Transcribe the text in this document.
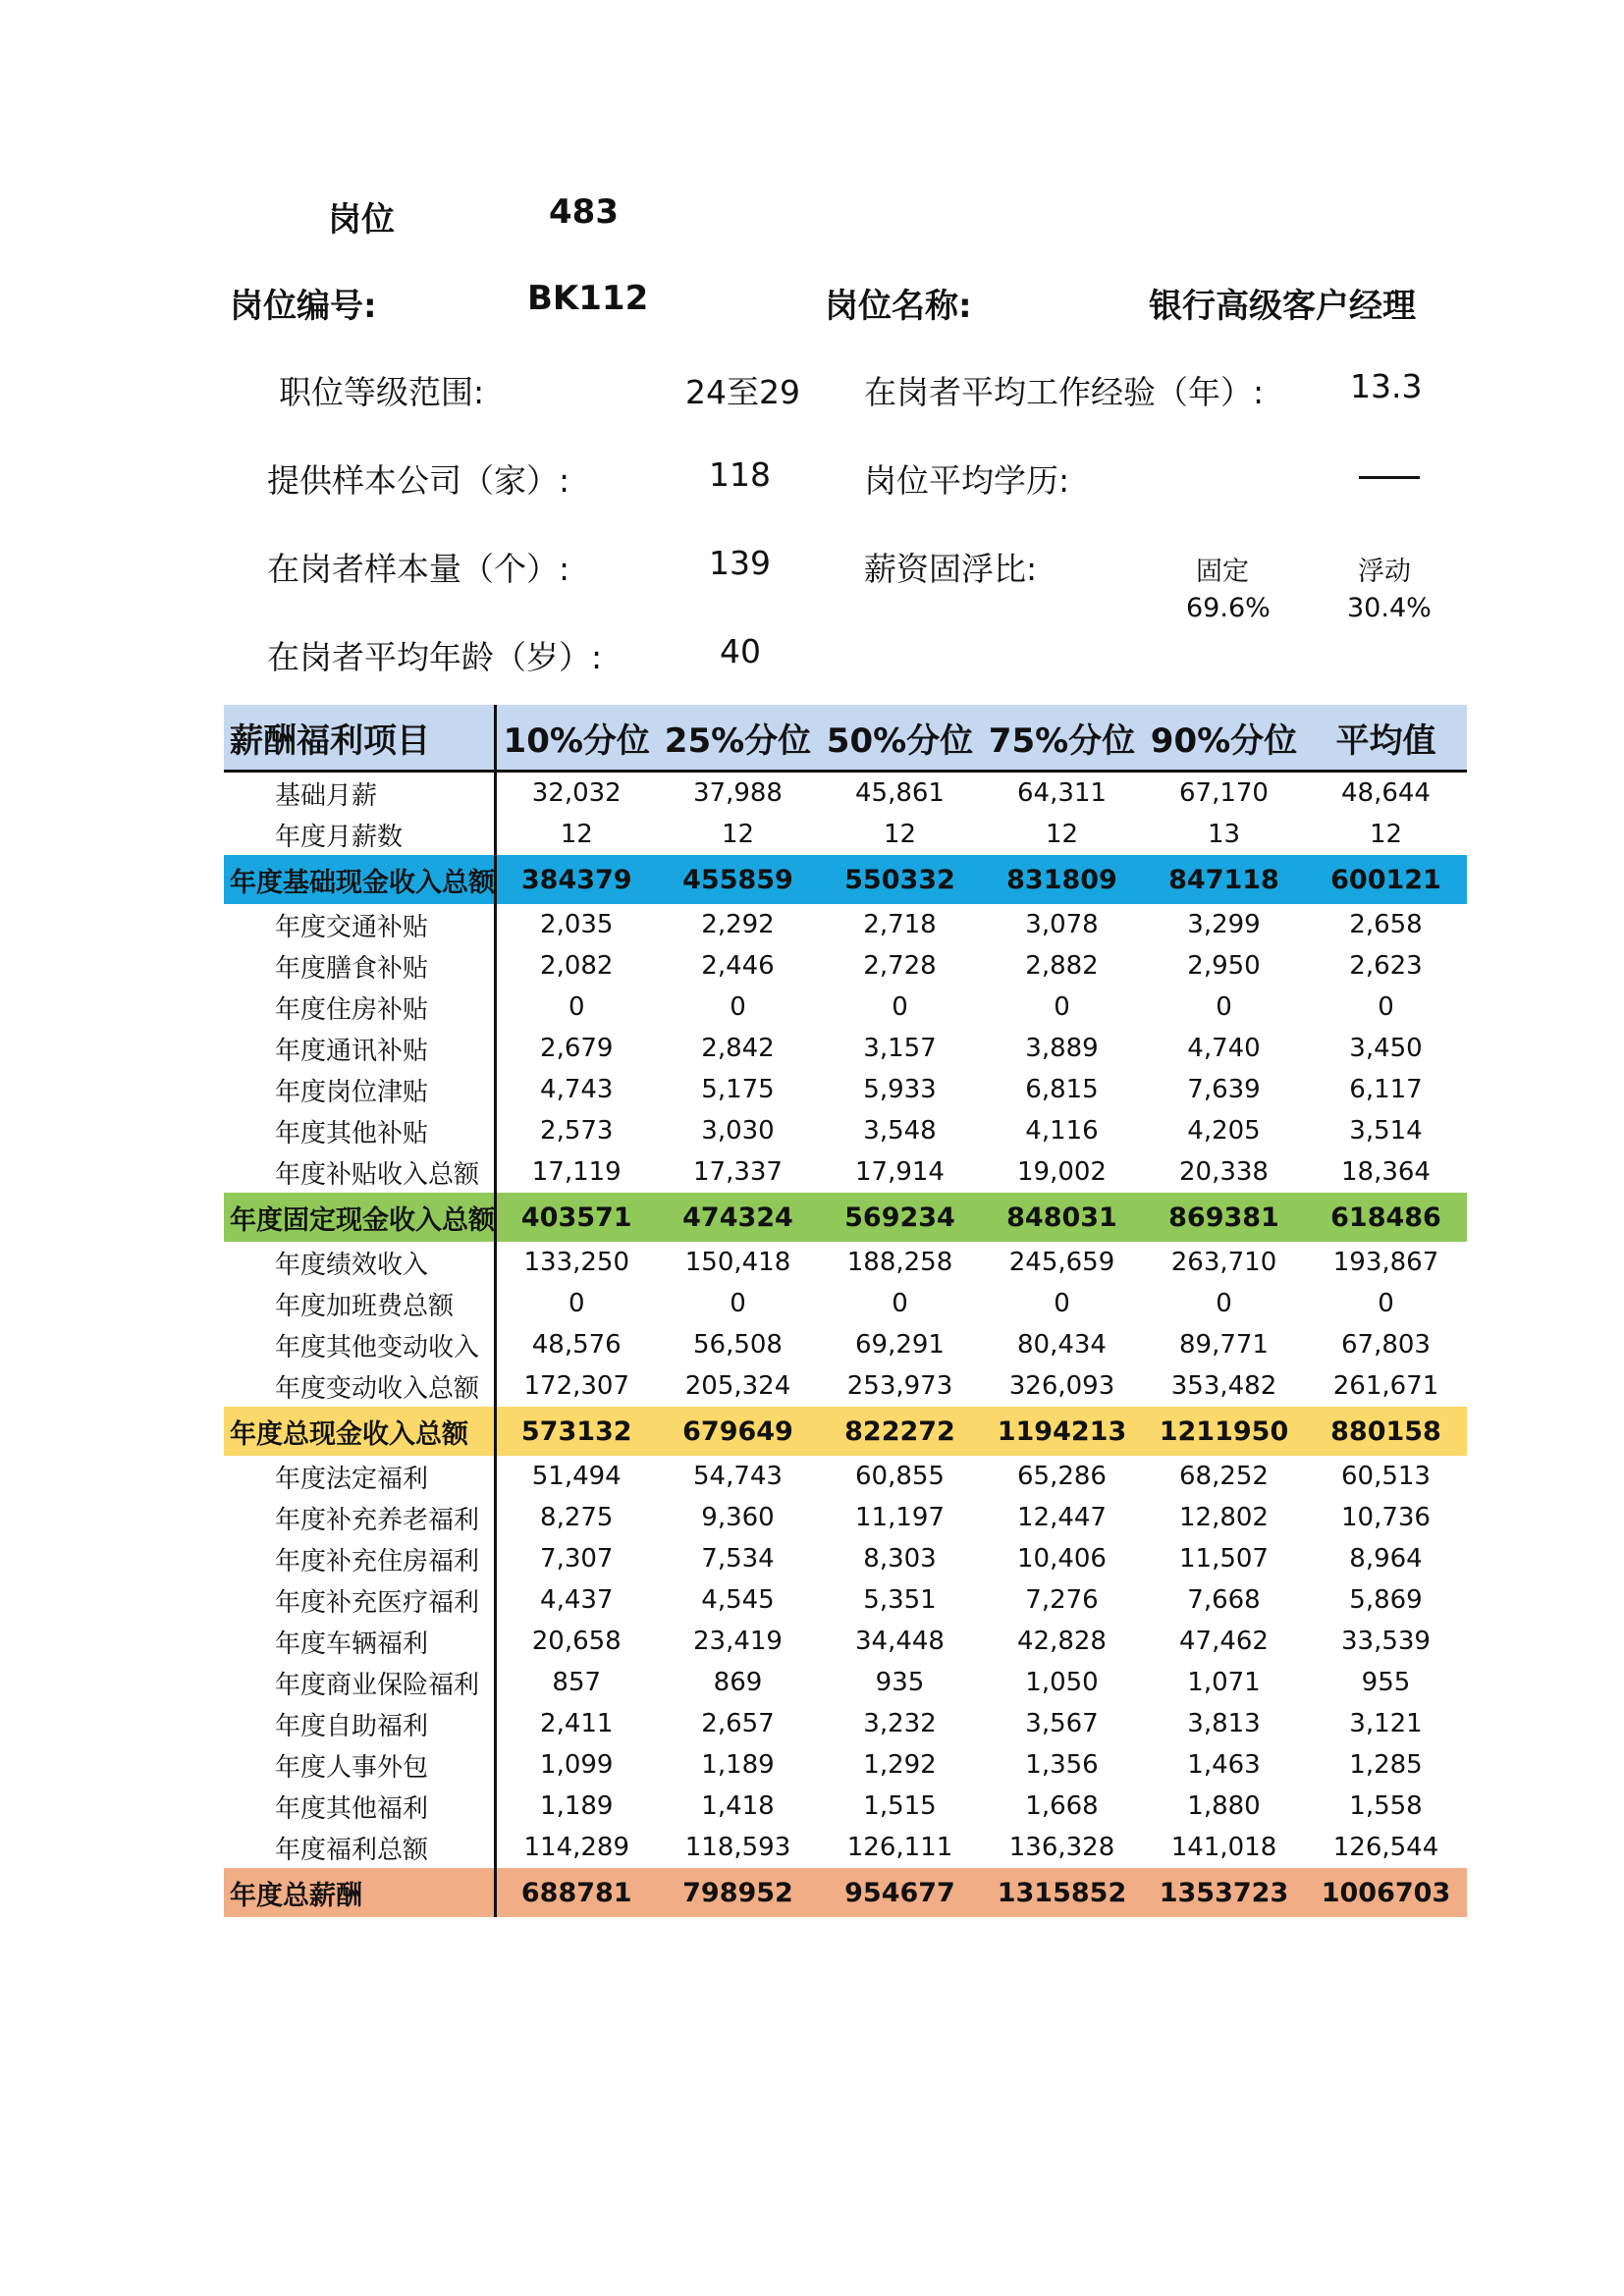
岗位	483
岗位编号:	BK112	岗位名称:	银行高级客户经理
职位等级范围:	24至29 在岗者平均工作经验（年）:	13.3
提供样本公司（家）:	118	岗位平均学历:
在岗者样本量（个）:	139	薪资固浮比:	固定	浮动
69.6%	30.4%
在岗者平均年龄（岁）:	40
薪酬福利项目	10%分位	25%分位	50%分位	75%分位	90%分位	平均值
基础月薪	32,032	37,988	45,861	64,311	67,170	48,644
年度月薪数	12	12	12	12	13	12
年度基础现金收入总额	384379	455859	550332	831809	847118	600121
年度交通补贴	2,035	2,292	2,718	3,078	3,299	2,658
年度膳食补贴	2,082	2,446	2,728	2,882	2,950	2,623
年度住房补贴	0	0	0	0	0	0
年度通讯补贴	2,679	2,842	3,157	3,889	4,740	3,450
年度岗位津贴	4,743	5,175	5,933	6,815	7,639	6,117
年度其他补贴	2,573	3,030	3,548	4,116	4,205	3,514
年度补贴收入总额	17,119	17,337	17,914	19,002	20,338	18,364
年度固定现金收入总额	403571	474324	569234	848031	869381	618486
年度绩效收入	133,250	150,418	188,258	245,659	263,710	193,867
年度加班费总额	0	0	0	0	0	0
年度其他变动收入	48,576	56,508	69,291	80,434	89,771	67,803
年度变动收入总额	172,307	205,324	253,973	326,093	353,482	261,671
年度总现金收入总额	573132	679649	822272	1194213	1211950	880158
年度法定福利	51,494	54,743	60,855	65,286	68,252	60,513
年度补充养老福利	8,275	9,360	11,197	12,447	12,802	10,736
年度补充住房福利	7,307	7,534	8,303	10,406	11,507	8,964
年度补充医疗福利	4,437	4,545	5,351	7,276	7,668	5,869
年度车辆福利	20,658	23,419	34,448	42,828	47,462	33,539
年度商业保险福利	857	869	935	1,050	1,071	955
年度自助福利	2,411	2,657	3,232	3,567	3,813	3,121
年度人事外包	1,099	1,189	1,292	1,356	1,463	1,285
年度其他福利	1,189	1,418	1,515	1,668	1,880	1,558
年度福利总额	114,289	118,593	126,111	136,328	141,018	126,544
年度总薪酬	688781	798952	954677	1315852	1353723	1006703
